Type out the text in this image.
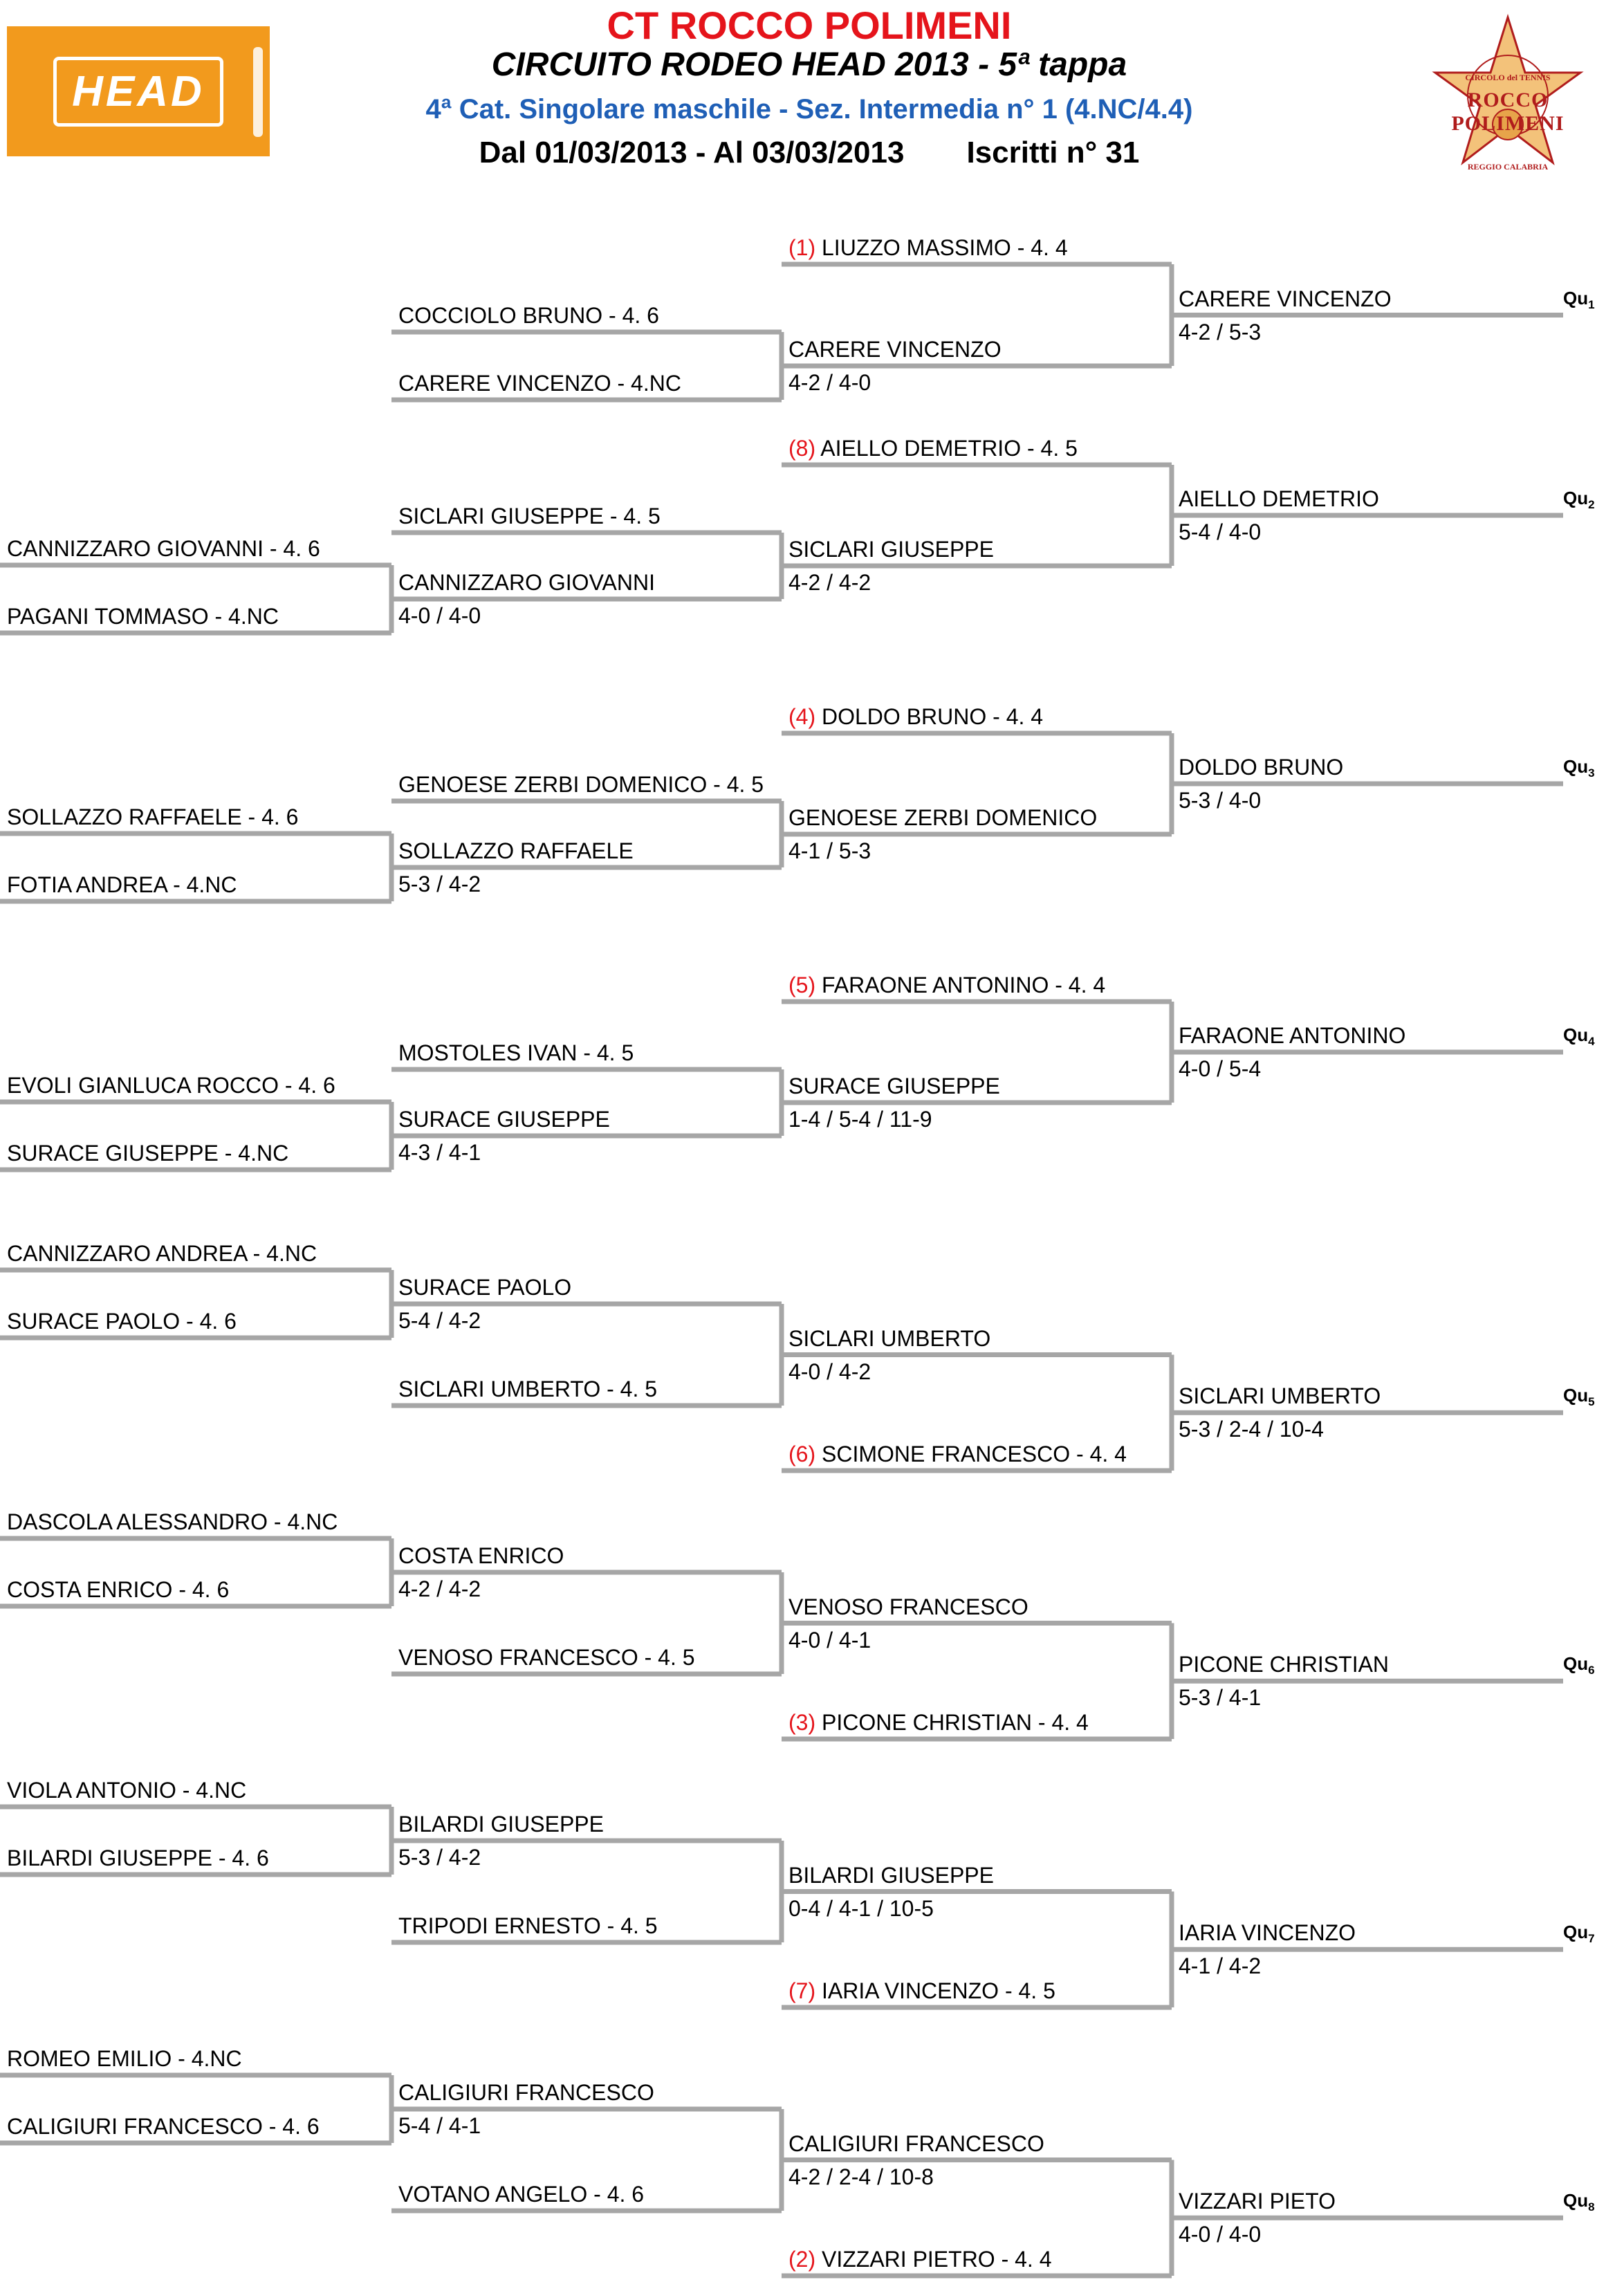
HEAD
CT ROCCO POLIMENI
CIRCUITO RODEO HEAD 2013 - 5ª tappa
4ª Cat. Singolare maschile - Sez. Intermedia n° 1 (4.NC/4.4)
Dal 01/03/2013 - Al 03/03/2013 Iscritti n° 31
CIRCOLO del TENNIS
ROCCO POLIMENI
REGGIO CALABRIA
(1) LIUZZO MASSIMO - 4. 4
COCCIOLO BRUNO - 4. 6
CARERE VINCENZO - 4.NC
CARERE VINCENZO
4-2 / 4-0
CARERE VINCENZO
4-2 / 5-3
$Qu_1$
(8) AIELLO DEMETRIO - 4. 5
SICLARI GIUSEPPE - 4. 5
CANNIZZARO GIOVANNI - 4. 6
PAGANI TOMMASO - 4.NC
CANNIZZARO GIOVANNI
4-0 / 4-0
SICLARI GIUSEPPE
4-2 / 4-2
AIELLO DEMETRIO
5-4 / 4-0
$Qu_2$
(4) DOLDO BRUNO - 4. 4
GENOESE ZERBI DOMENICO - 4. 5
SOLLAZZO RAFFAELE - 4. 6
FOTIA ANDREA - 4.NC
SOLLAZZO RAFFAELE
5-3 / 4-2
GENOESE ZERBI DOMENICO
4-1 / 5-3
DOLDO BRUNO
5-3 / 4-0
$Qu_3$
(5) FARAONE ANTONINO - 4. 4
MOSTOLES IVAN - 4. 5
EVOLI GIANLUCA ROCCO - 4. 6
SURACE GIUSEPPE - 4.NC
SURACE GIUSEPPE
4-3 / 4-1
SURACE GIUSEPPE
1-4 / 5-4 / 11-9
FARAONE ANTONINO
4-0 / 5-4
$Qu_4$
CANNIZZARO ANDREA - 4.NC
SURACE PAOLO - 4. 6
SURACE PAOLO
5-4 / 4-2
SICLARI UMBERTO - 4. 5
SICLARI UMBERTO
4-0 / 4-2
(6) SCIMONE FRANCESCO - 4. 4
SICLARI UMBERTO
5-3 / 2-4 / 10-4
$Qu_5$
DASCOLA ALESSANDRO - 4.NC
COSTA ENRICO - 4. 6
COSTA ENRICO
4-2 / 4-2
VENOSO FRANCESCO - 4. 5
VENOSO FRANCESCO
4-0 / 4-1
(3) PICONE CHRISTIAN - 4. 4
PICONE CHRISTIAN
5-3 / 4-1
$Qu_6$
VIOLA ANTONIO - 4.NC
BILARDI GIUSEPPE - 4. 6
BILARDI GIUSEPPE
5-3 / 4-2
TRIPODI ERNESTO - 4. 5
BILARDI GIUSEPPE
0-4 / 4-1 / 10-5
(7) IARIA VINCENZO - 4. 5
IARIA VINCENZO
4-1 / 4-2
$Qu_7$
ROMEO EMILIO - 4.NC
CALIGIURI FRANCESCO - 4. 6
CALIGIURI FRANCESCO
5-4 / 4-1
VOTANO ANGELO - 4. 6
CALIGIURI FRANCESCO
4-2 / 2-4 / 10-8
(2) VIZZARI PIETRO - 4. 4
VIZZARI PIETO
4-0 / 4-0
$Qu_8$
